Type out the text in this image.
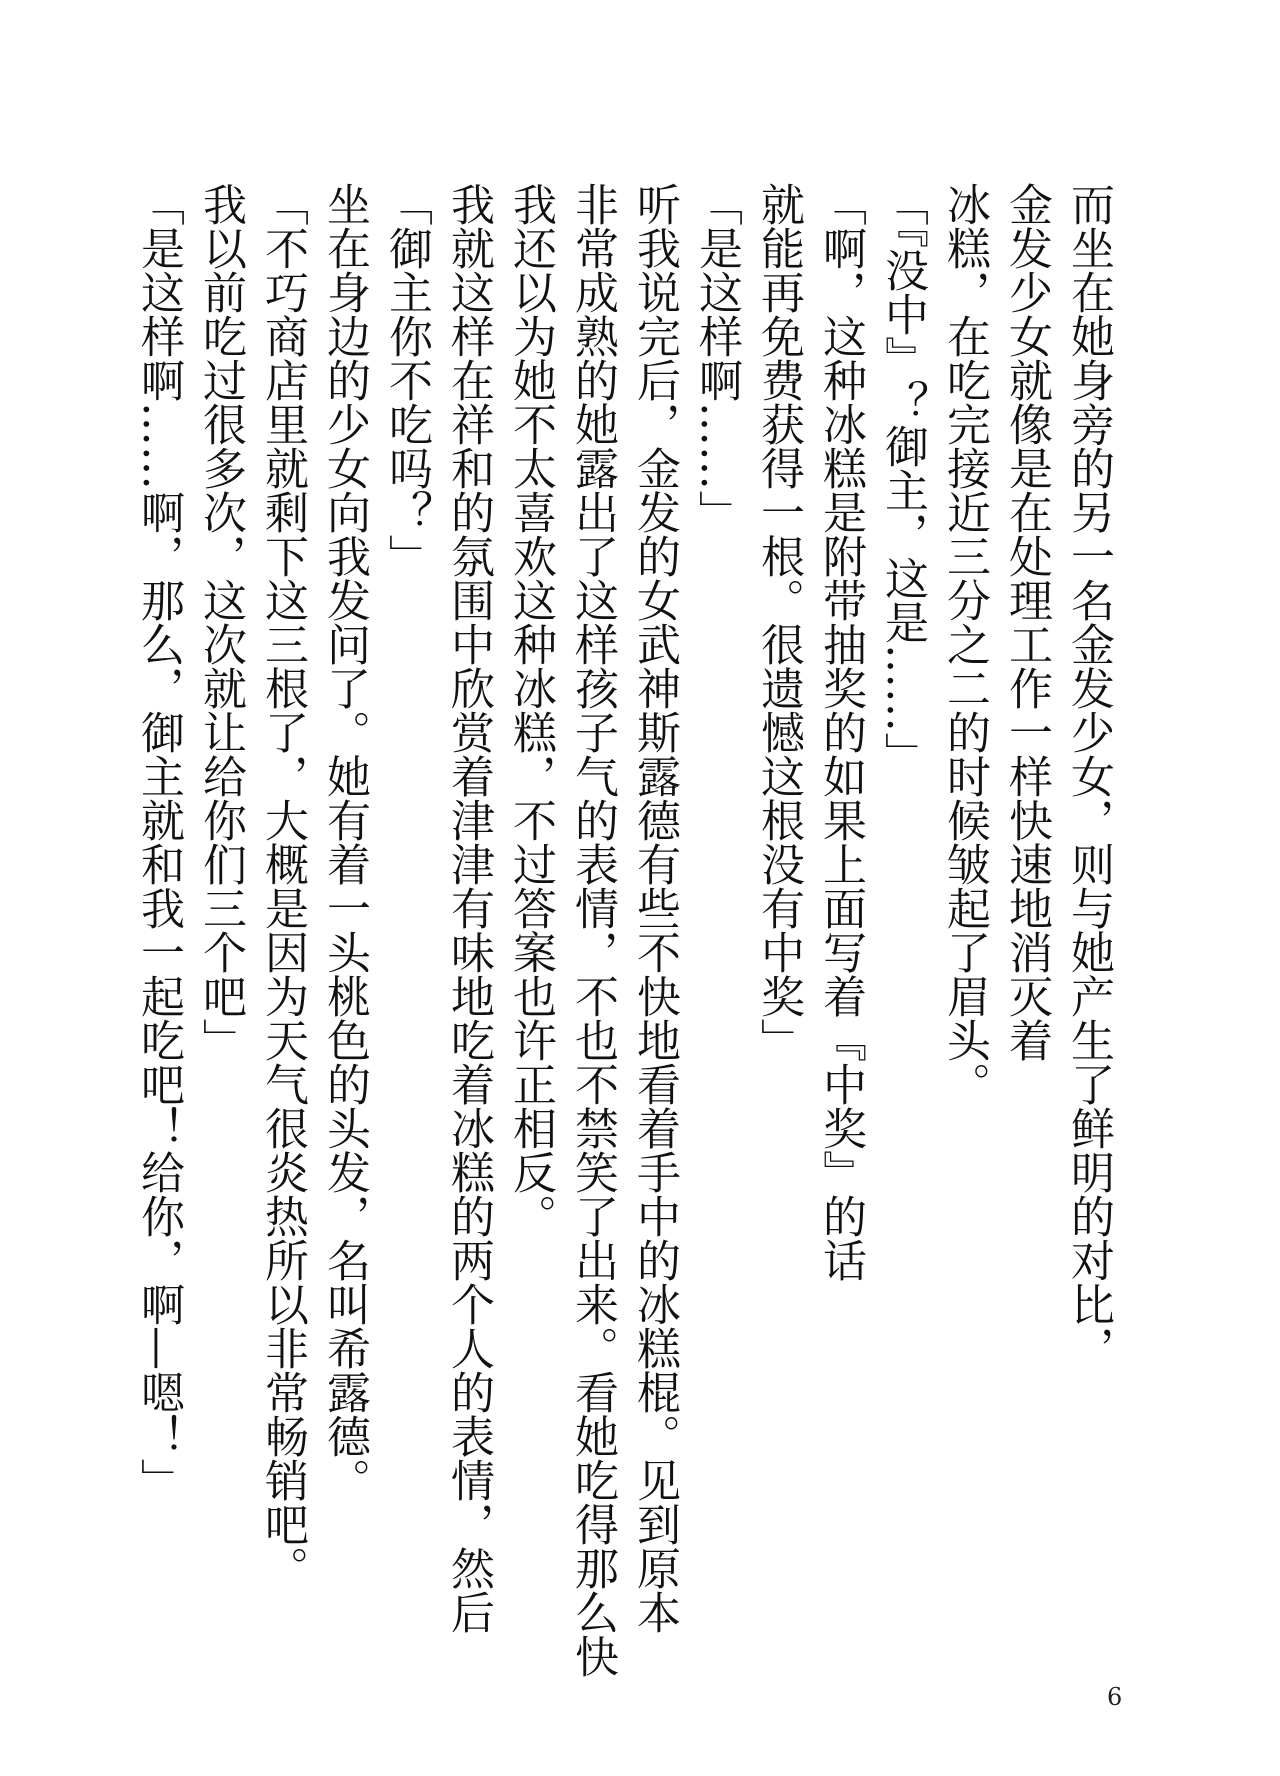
而坐在她身旁的另一名金发少女，则与她产生了鲜明的对比，

金发少女就像是在处理工作一样快速地消灭着

冰糕，在吃完接近三分之二的时候皱起了眉头。

「『没中』？御主，这是……」

「啊，这种冰糕是附带抽奖的如果上面写着『中奖』的话

就能再免费获得一根。很遗憾这根没有中奖」

「是这样啊……」

听我说完后，金发的女武神斯露德有些不快地看着手中的冰糕棍。见到原本

非常成熟的她露出了这样孩子气的表情，不也不禁笑了出来。看她吃得那么快

我还以为她不太喜欢这种冰糕，不过答案也许正相反。

我就这样在祥和的氛围中欣赏着津津有味地吃着冰糕的两个人的表情，然后

「御主你不吃吗？」

坐在身边的少女向我发问了。她有着一头桃色的头发，名叫希露德。

「不巧商店里就剩下这三根了，大概是因为天气很炎热所以非常畅销吧。

我以前吃过很多次，这次就让给你们三个吧」

「是这样啊……啊，那么，御主就和我一起吃吧！给你，啊—嗯！」

6
